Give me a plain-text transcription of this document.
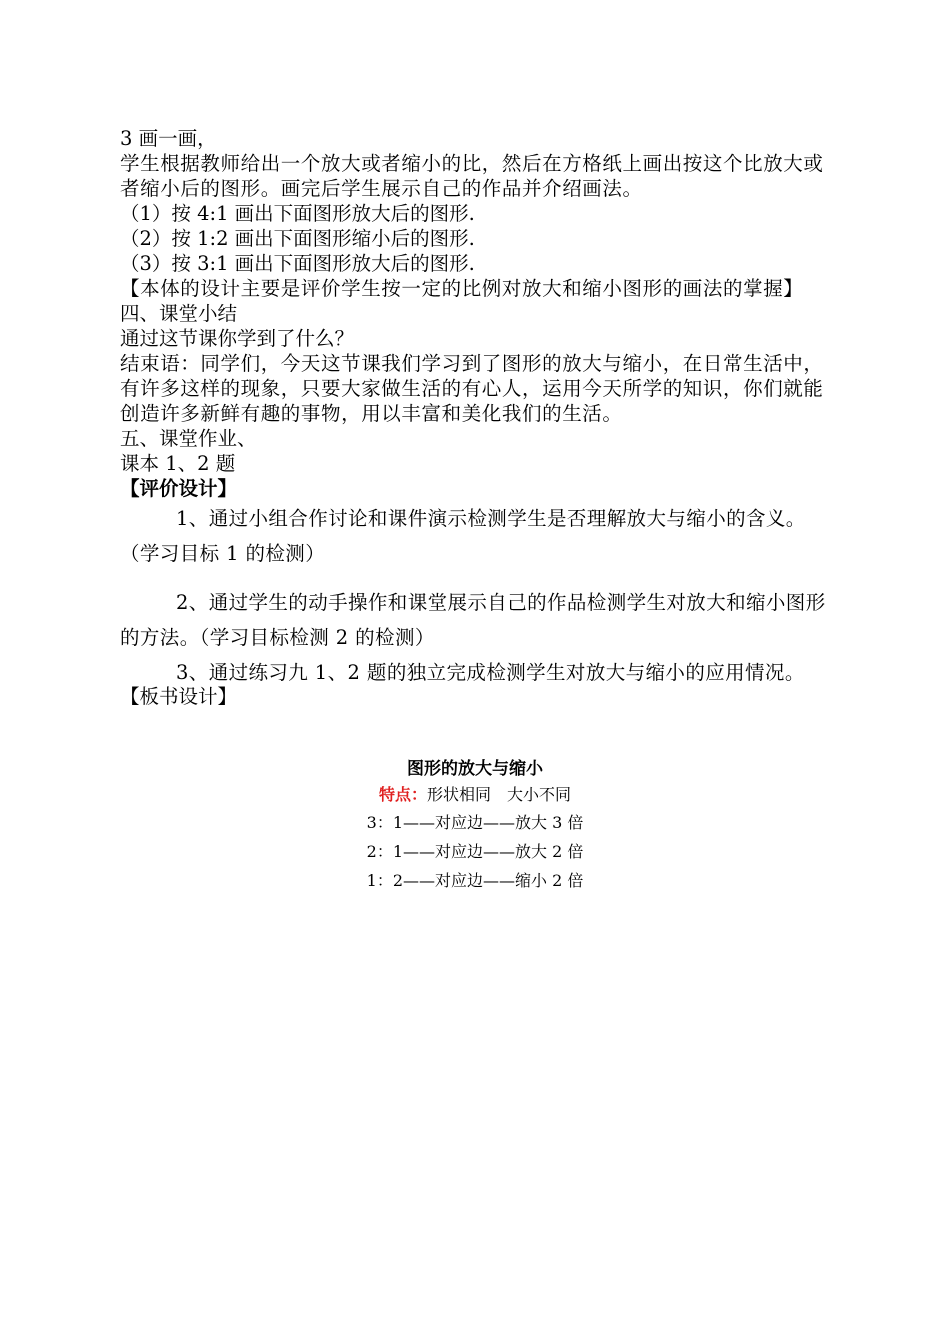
3 画一画，
学生根据教师给出一个放大或者缩小的比，然后在方格纸上画出按这个比放大或者缩小后的图形。画完后学生展示自己的作品并介绍画法。
（1）按 4:1 画出下面图形放大后的图形.
（2）按 1:2 画出下面图形缩小后的图形.
（3）按 3:1 画出下面图形放大后的图形.
【本体的设计主要是评价学生按一定的比例对放大和缩小图形的画法的掌握】
四、课堂小结
通过这节课你学到了什么？
结束语：同学们，今天这节课我们学习到了图形的放大与缩小，在日常生活中，有许多这样的现象，只要大家做生活的有心人，运用今天所学的知识，你们就能创造许多新鲜有趣的事物，用以丰富和美化我们的生活。
五、课堂作业、
课本 1、2 题
【评价设计】
1、通过小组合作讨论和课件演示检测学生是否理解放大与缩小的含义。（学习目标 1 的检测）
2、通过学生的动手操作和课堂展示自己的作品检测学生对放大和缩小图形的方法。（学习目标检测 2 的检测）
3、通过练习九 1、2 题的独立完成检测学生对放大与缩小的应用情况。
【板书设计】
图形的放大与缩小
特点：形状相同　大小不同
3：1——对应边——放大 3 倍
2：1——对应边——放大 2 倍
1：2——对应边——缩小 2 倍
